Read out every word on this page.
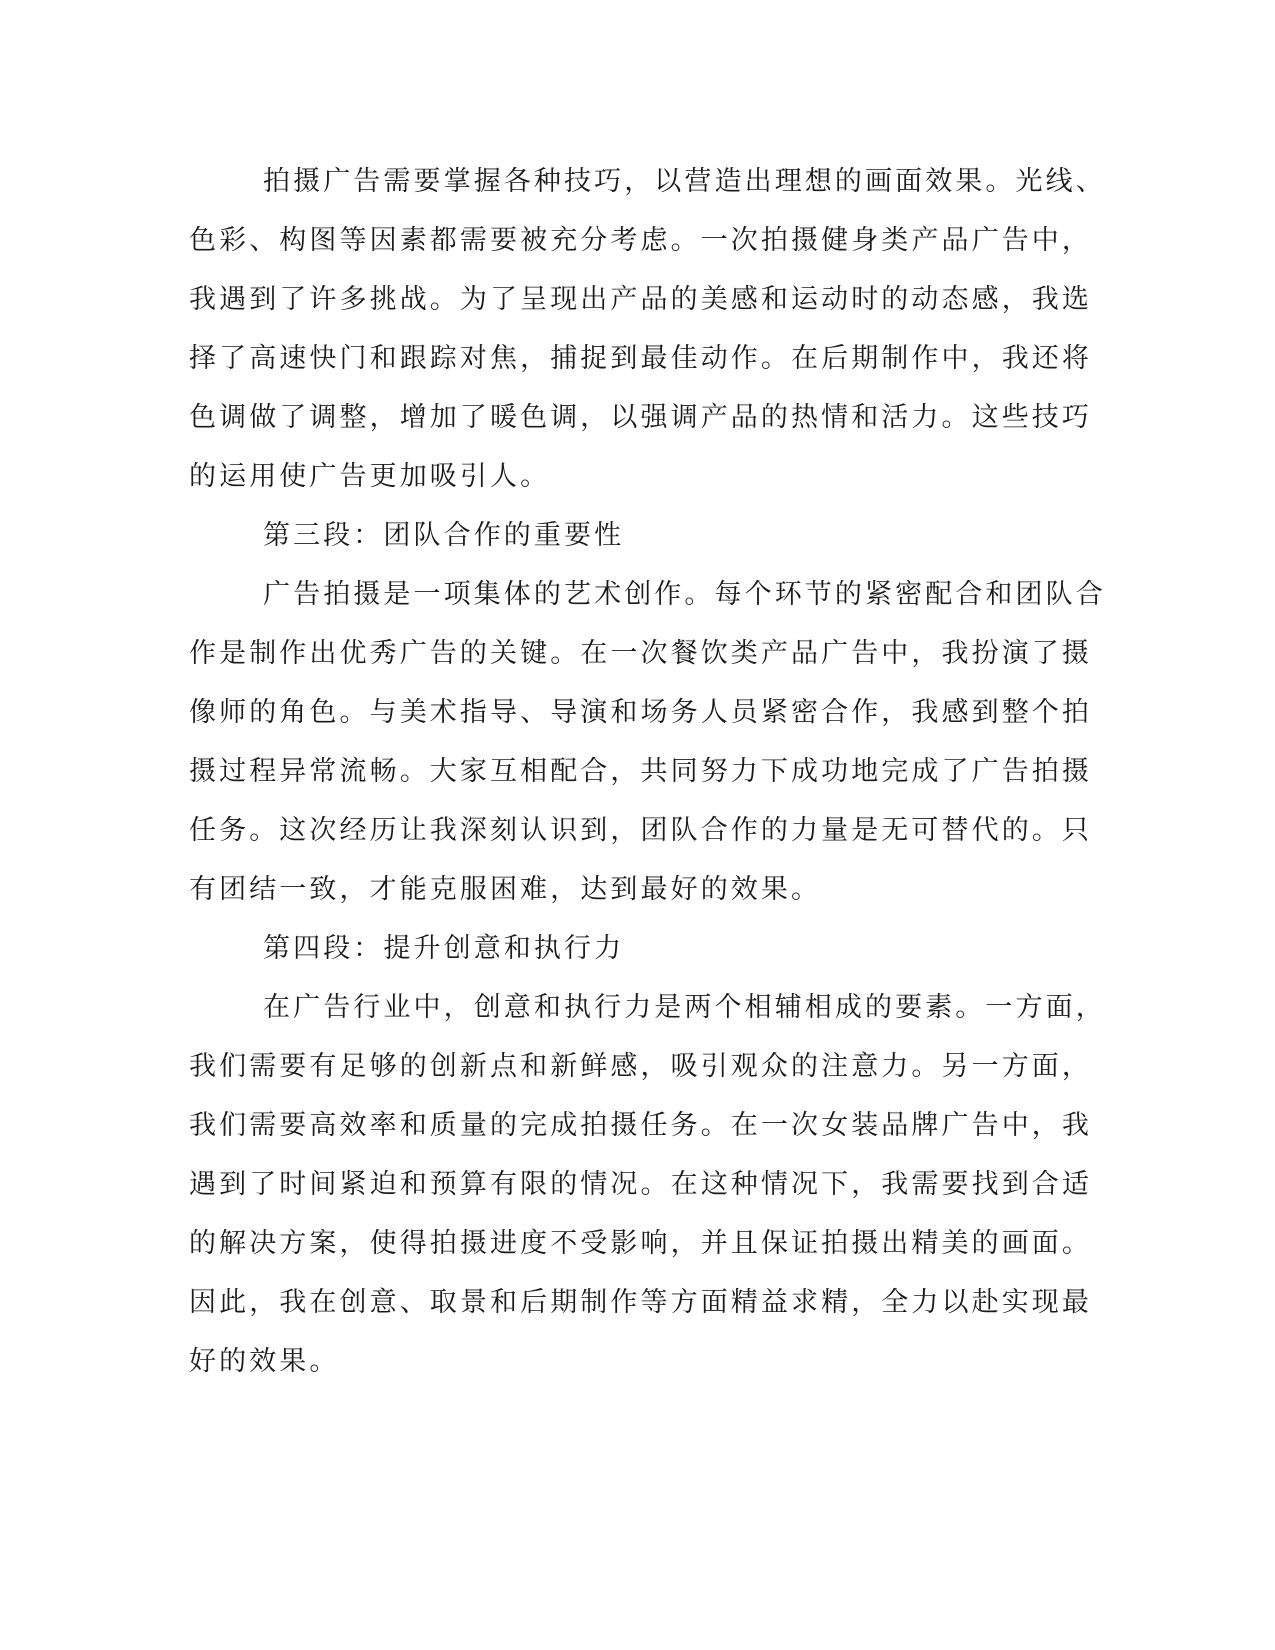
拍摄广告需要掌握各种技巧，以营造出理想的画面效果。光线、
色彩、构图等因素都需要被充分考虑。一次拍摄健身类产品广告中，
我遇到了许多挑战。为了呈现出产品的美感和运动时的动态感，我选
择了高速快门和跟踪对焦，捕捉到最佳动作。在后期制作中，我还将
色调做了调整，增加了暖色调，以强调产品的热情和活力。这些技巧
的运用使广告更加吸引人。
第三段：团队合作的重要性
广告拍摄是一项集体的艺术创作。每个环节的紧密配合和团队合
作是制作出优秀广告的关键。在一次餐饮类产品广告中，我扮演了摄
像师的角色。与美术指导、导演和场务人员紧密合作，我感到整个拍
摄过程异常流畅。大家互相配合，共同努力下成功地完成了广告拍摄
任务。这次经历让我深刻认识到，团队合作的力量是无可替代的。只
有团结一致，才能克服困难，达到最好的效果。
第四段：提升创意和执行力
在广告行业中，创意和执行力是两个相辅相成的要素。一方面，
我们需要有足够的创新点和新鲜感，吸引观众的注意力。另一方面，
我们需要高效率和质量的完成拍摄任务。在一次女装品牌广告中，我
遇到了时间紧迫和预算有限的情况。在这种情况下，我需要找到合适
的解决方案，使得拍摄进度不受影响，并且保证拍摄出精美的画面。
因此，我在创意、取景和后期制作等方面精益求精，全力以赴实现最
好的效果。
